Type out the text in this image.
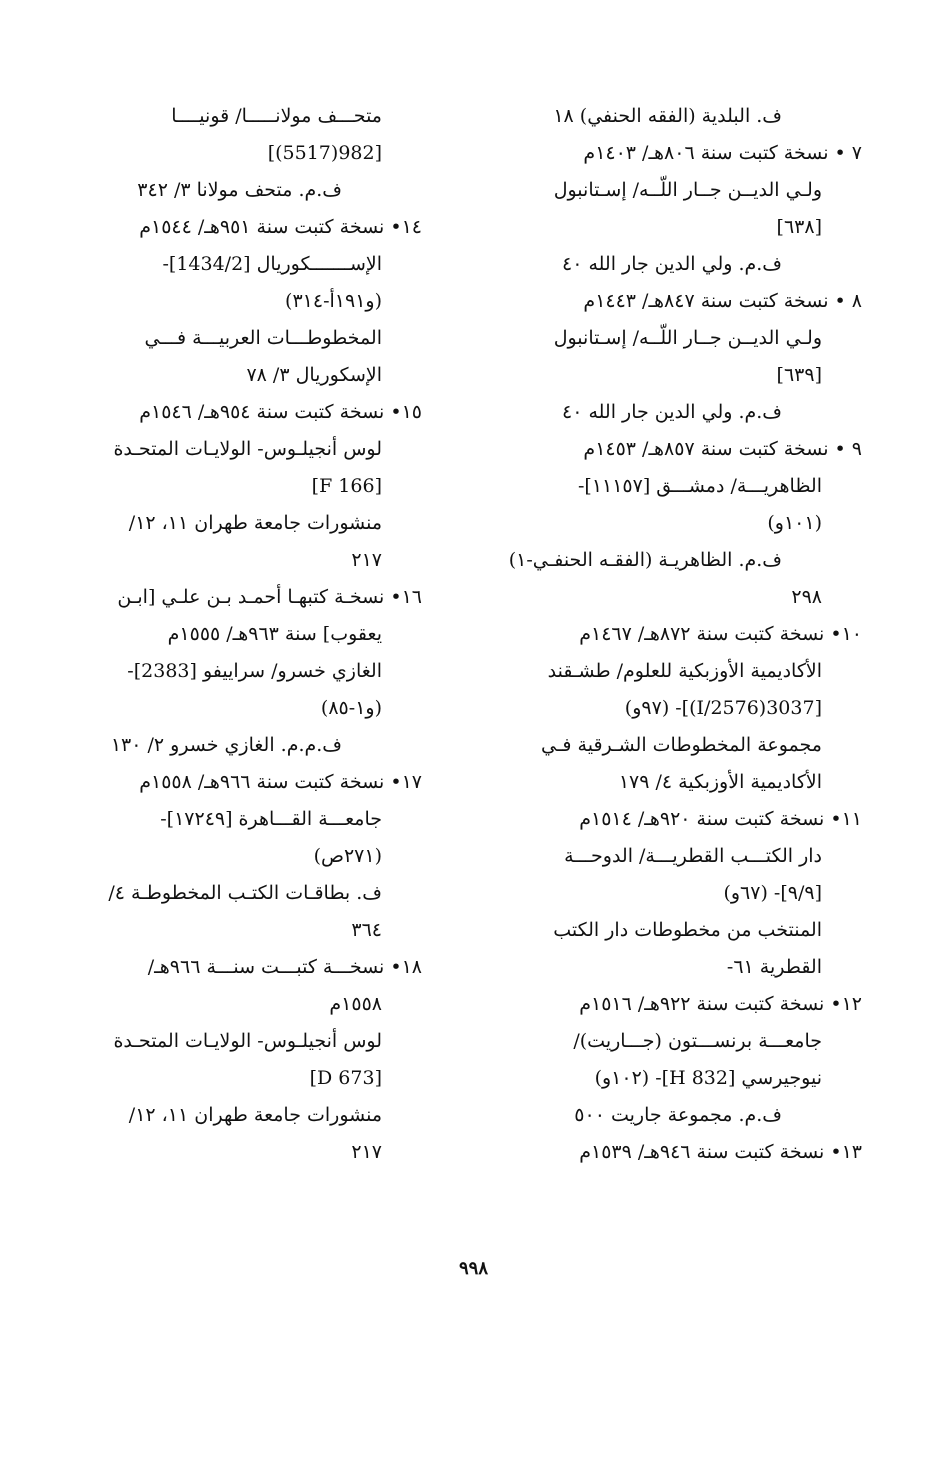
ف. البلدية (الفقه الحنفي) ١٨
٧ • نسخة كتبت سنة ٨٠٦هـ/ ١٤٠٣م
ولـي الديــن جــار اللّــه/ إسـتانبول
[٦٣٨]
ف.م. ولي الدين جار الله ٤٠
٨ • نسخة كتبت سنة ٨٤٧هـ/ ١٤٤٣م
ولـي الديــن جــار اللّــه/ إسـتانبول
[٦٣٩]
ف.م. ولي الدين جار الله ٤٠
٩ • نسخة كتبت سنة ٨٥٧هـ/ ١٤٥٣م
الظاهريـــة/ دمشـــق [١١١٥٧]-
(١٠١و)
ف.م. الظاهريـة (الفقـه الحنفـي-١)
٢٩٨
١٠• نسخة كتبت سنة ٨٧٢هـ/ ١٤٦٧م
الأكاديمية الأوزبكية للعلوم/ طشـقند
[3037(2576/I)]- (٩٧و)
مجموعة المخطوطات الشـرقية فـي
الأكاديمية الأوزبكية ٤/ ١٧٩
١١• نسخة كتبت سنة ٩٢٠هـ/ ١٥١٤م
دار الكتـــب القطريـــة/ الدوحـــة
[٩/٩]- (٦٧و)
المنتخب من مخطوطات دار الكتب
القطرية ٦١-
١٢• نسخة كتبت سنة ٩٢٢هـ/ ١٥١٦م
جامعـــة برنســـتون (جـــاريت)/
نيوجيرسي [832 H]- (١٠٢و)
ف.م. مجموعة جاريت ٥٠٠
١٣• نسخة كتبت سنة ٩٤٦هـ/ ١٥٣٩م
متحـــف مولانـــــا/ قونيــــا
[982(5517)]
ف.م. متحف مولانا ٣/ ٣٤٢
١٤• نسخة كتبت سنة ٩٥١هـ/ ١٥٤٤م
الإســـــــكوريال [1434/2]-
(و١٩١أ-٣١٤)
المخطوطـــات العربيـــة فـــي
الإسكوريال ٣/ ٧٨
١٥• نسخة كتبت سنة ٩٥٤هـ/ ١٥٤٦م
لوس أنجيلـوس- الولايـات المتحـدة
[F 166]
منشورات جامعة طهران ١١، ١٢/
٢١٧
١٦• نسخـة كتبهـا أحمـد بـن علـي [ابـن
يعقوب] سنة ٩٦٣هـ/ ١٥٥٥م
الغازي خسرو/ سراييفو [2383]-
(و١-٨٥)
ف.م.م. الغازي خسرو ٢/ ١٣٠
١٧• نسخة كتبت سنة ٩٦٦هـ/ ١٥٥٨م
جامعـــة القـــاهرة [١٧٢٤٩]-
(٢٧١ص)
ف. بطاقـات الكتـب المخطوطـة ٤/
٣٦٤
١٨• نسخـــة كتبـــت سنـــة ٩٦٦هـ/
١٥٥٨م
لوس أنجيلـوس- الولايـات المتحـدة
[D 673]
منشورات جامعة طهران ١١، ١٢/
٢١٧
٩٩٨
